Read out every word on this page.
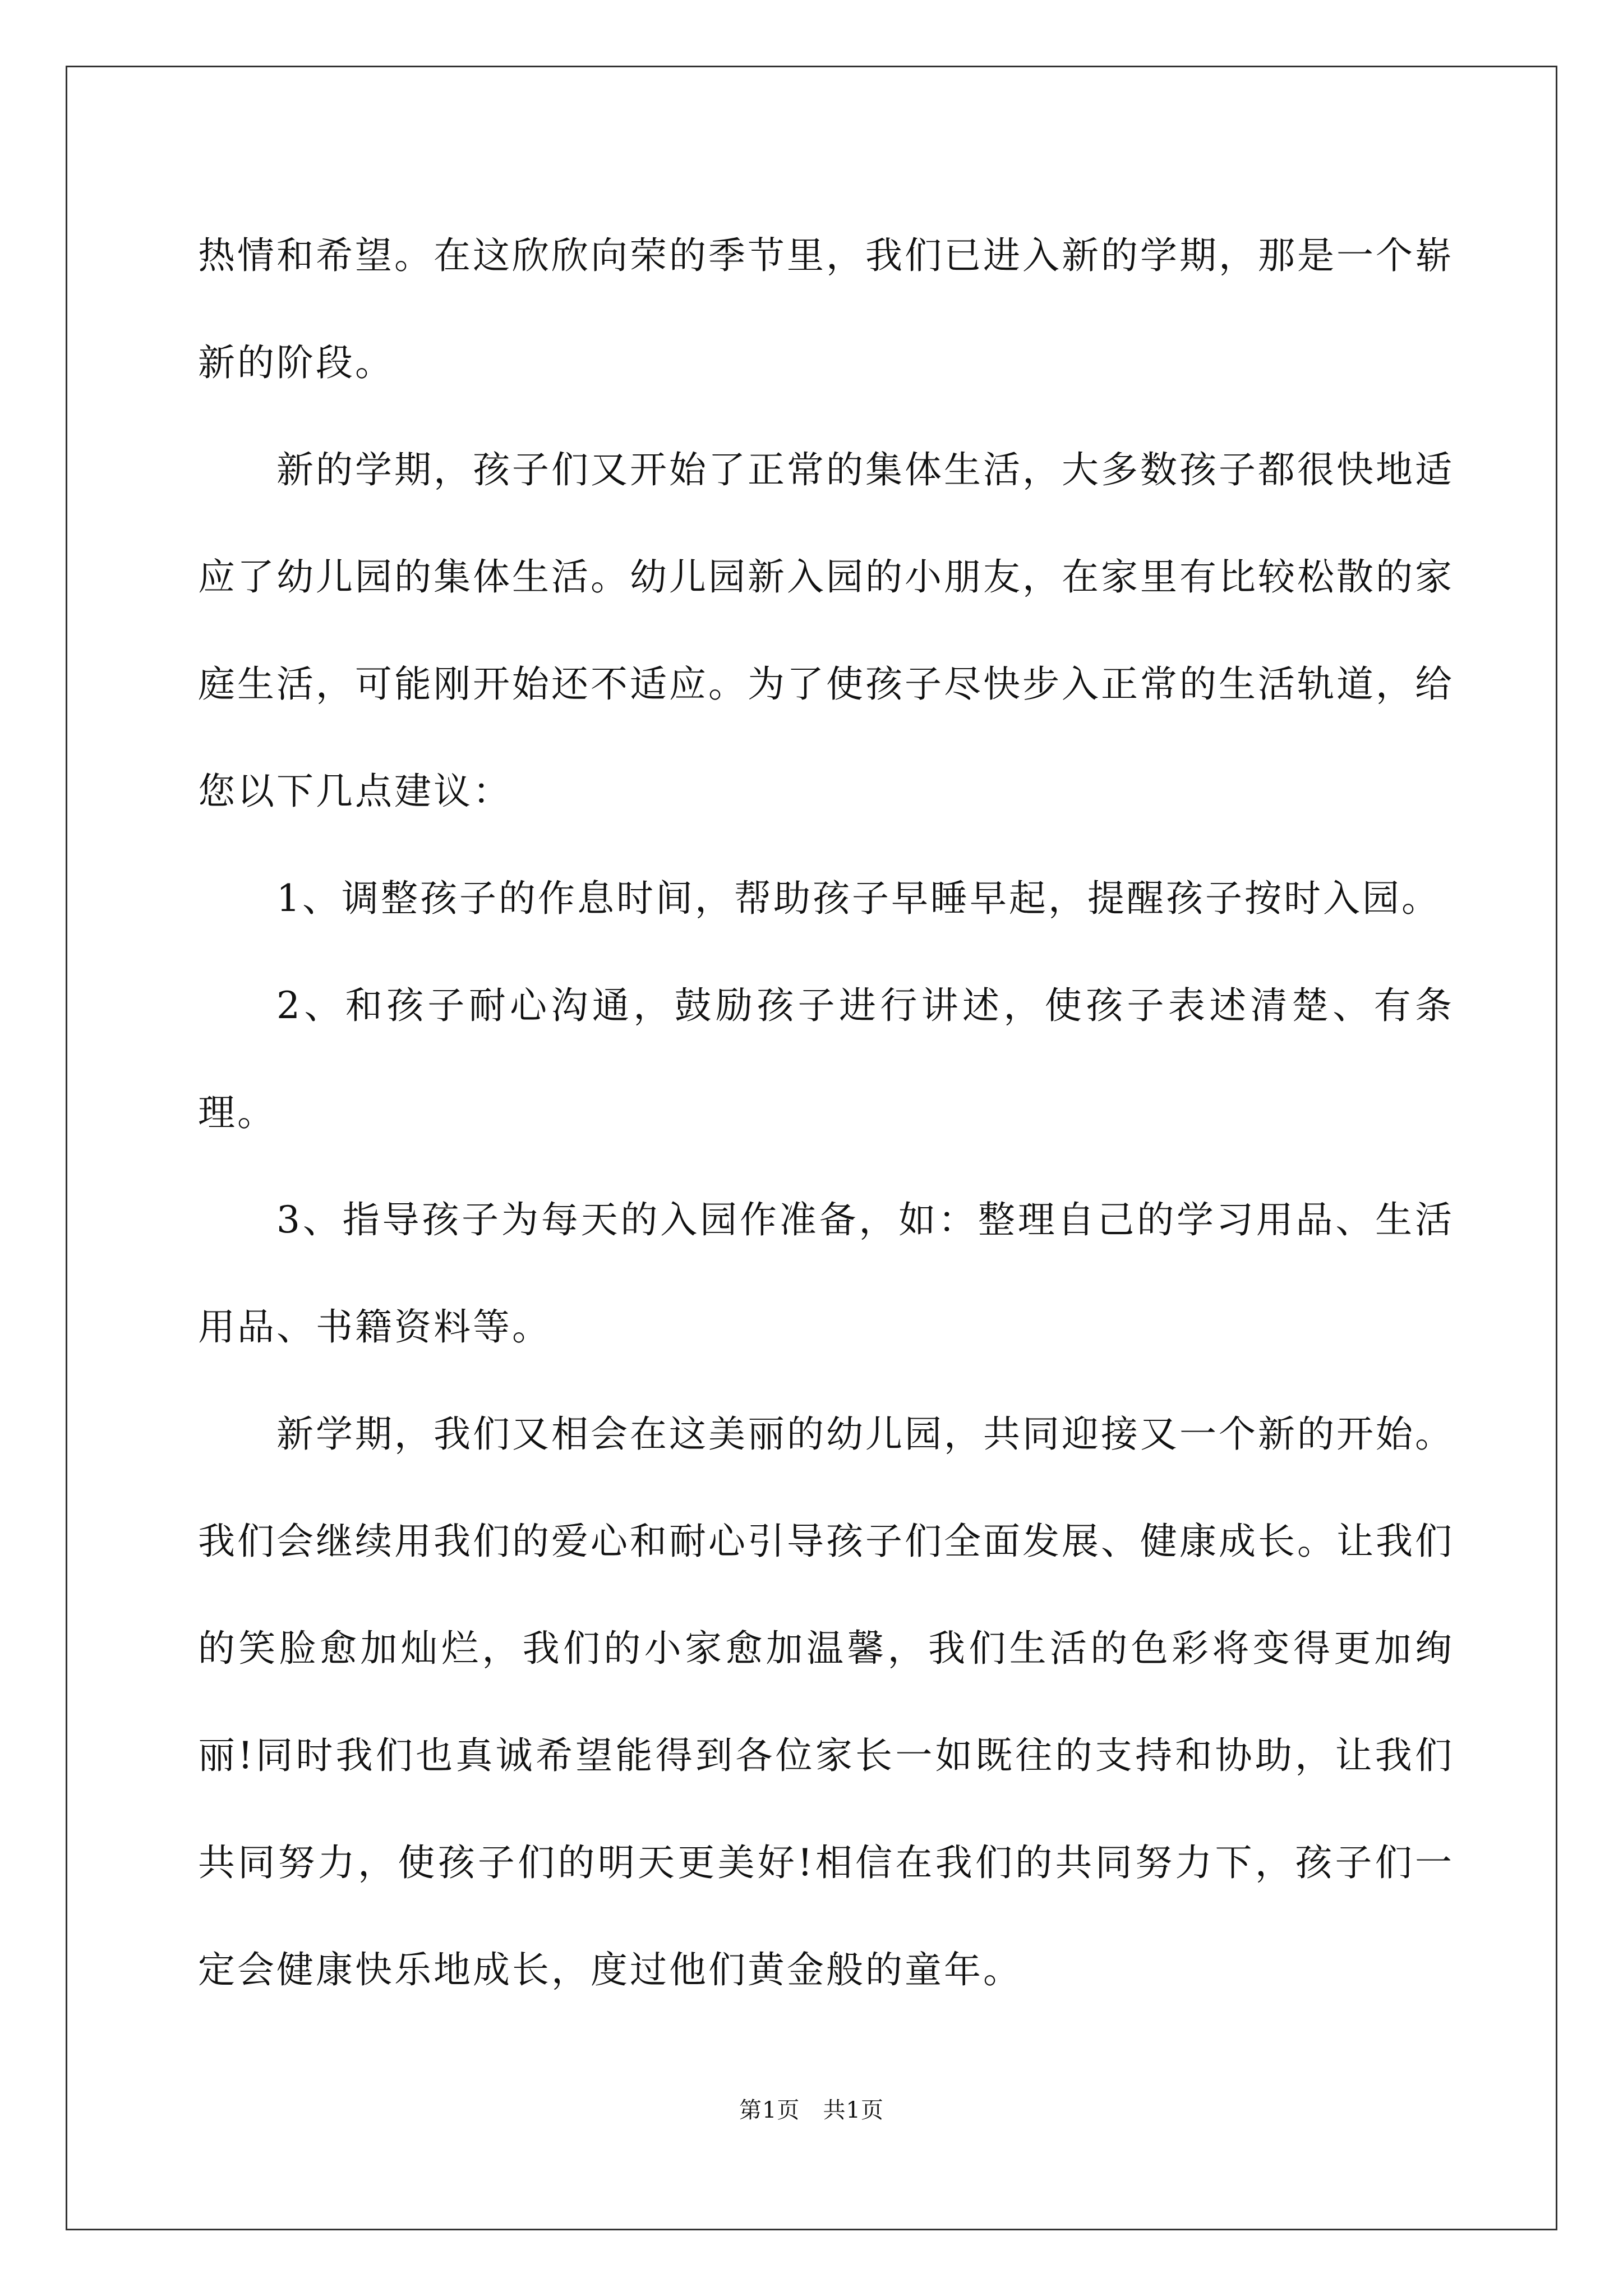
热情和希望。在这欣欣向荣的季节里，我们已进入新的学期，那是一个崭新的阶段。

新的学期，孩子们又开始了正常的集体生活，大多数孩子都很快地适应了幼儿园的集体生活。幼儿园新入园的小朋友，在家里有比较松散的家庭生活，可能刚开始还不适应。为了使孩子尽快步入正常的生活轨道，给您以下几点建议：

1、调整孩子的作息时间，帮助孩子早睡早起，提醒孩子按时入园。

2、和孩子耐心沟通，鼓励孩子进行讲述，使孩子表述清楚、有条理。

3、指导孩子为每天的入园作准备，如：整理自己的学习用品、生活用品、书籍资料等。

新学期，我们又相会在这美丽的幼儿园，共同迎接又一个新的开始。我们会继续用我们的爱心和耐心引导孩子们全面发展、健康成长。让我们的笑脸愈加灿烂，我们的小家愈加温馨，我们生活的色彩将变得更加绚丽!同时我们也真诚希望能得到各位家长一如既往的支持和协助，让我们共同努力，使孩子们的明天更美好!相信在我们的共同努力下，孩子们一定会健康快乐地成长，度过他们黄金般的童年。

第1页   共1页
